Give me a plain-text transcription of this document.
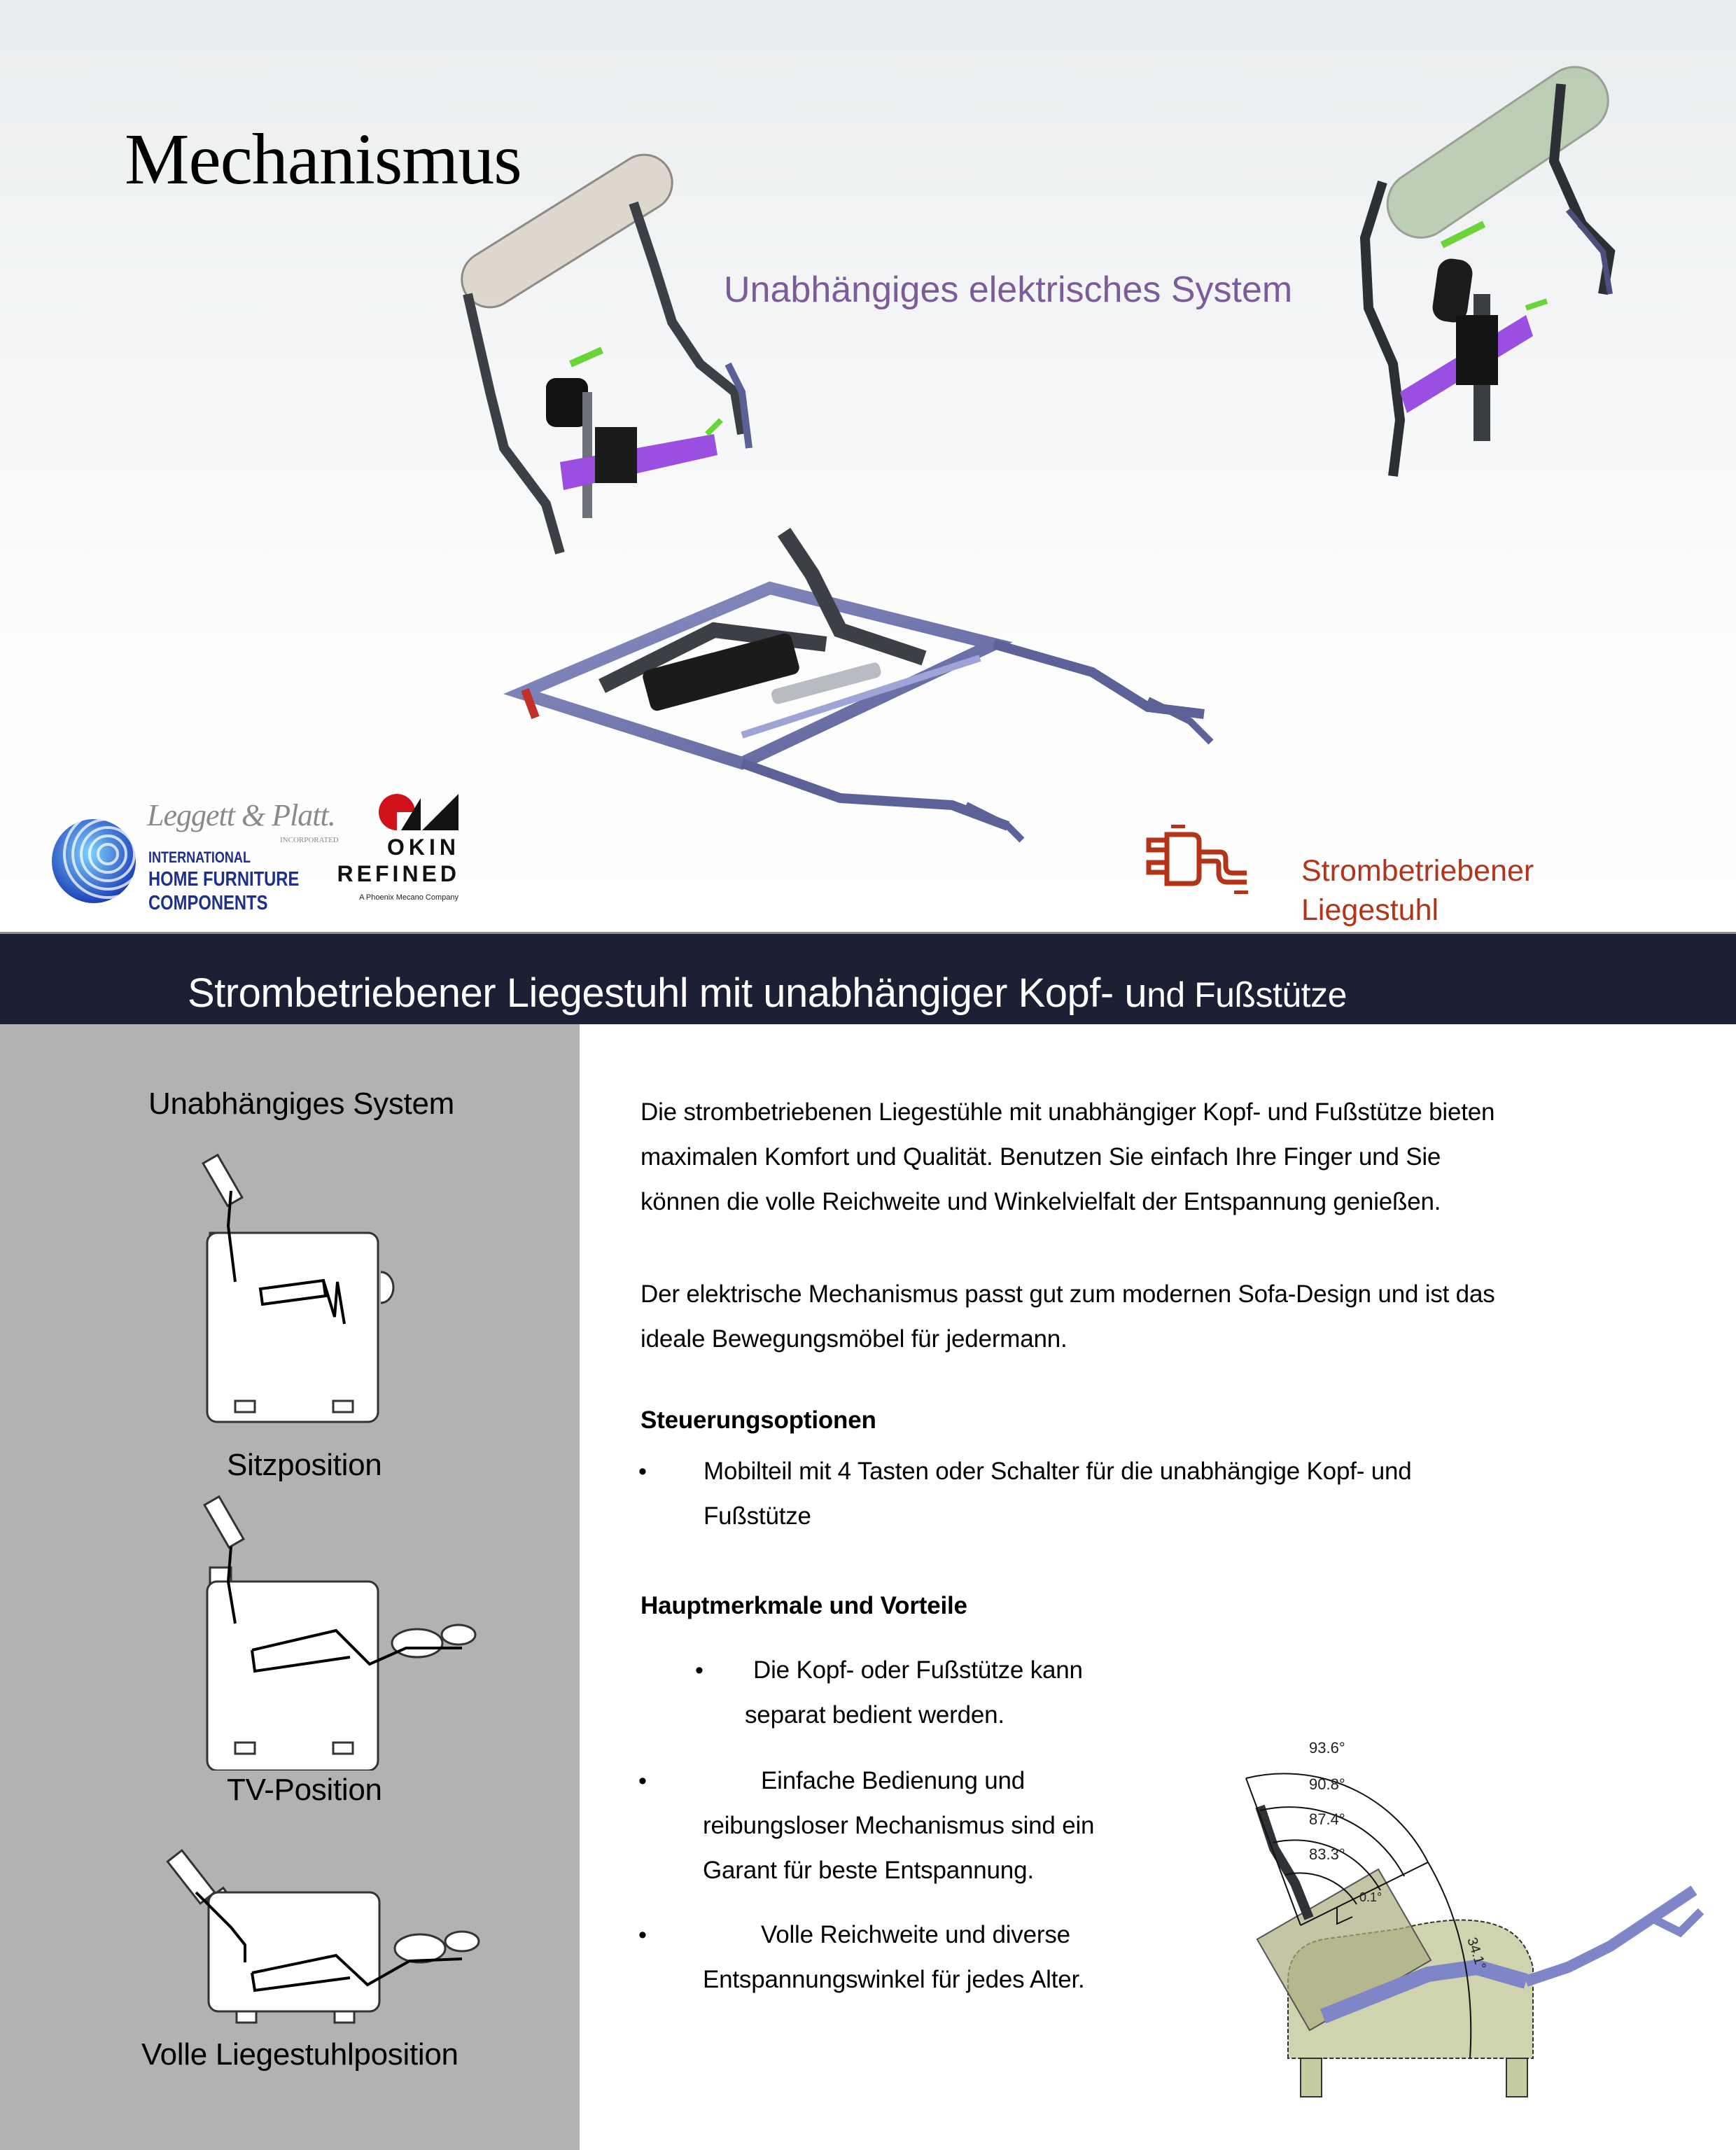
Mechanismus
Unabhängiges elektrisches System
Leggett & Platt.
INCORPORATED
INTERNATIONAL
HOME FURNITURE
COMPONENTS
OKIN
REFINED
A Phoenix Mecano Company
Strombetriebener
Liegestuhl
Strombetriebener Liegestuhl mit unabhängiger Kopf- und Fußstütze
Unabhängiges System
Sitzposition
TV-Position
Volle Liegestuhlposition

Die strombetriebenen Liegestühle mit unabhängiger Kopf- und Fußstütze bieten

maximalen Komfort und Qualität. Benutzen Sie einfach Ihre Finger und Sie

können die volle Reichweite und Winkelvielfalt der Entspannung genießen.

Der elektrische Mechanismus passt gut zum modernen Sofa-Design und ist das

ideale Bewegungsmöbel für jedermann.

Steuerungsoptionen
• Mobilteil mit 4 Tasten oder Schalter für die unabhängige Kopf- und

Fußstütze

Hauptmerkmale und Vorteile
• Die Kopf- oder Fußstütze kann

separat bedient werden.

•	Einfache Bedienung und

reibungsloser Mechanismus sind ein

Garant für beste Entspannung.

•	Volle Reichweite und diverse

Entspannungswinkel für jedes Alter.

93.6°
90.8°
87.4°
83.3°
0.1°
34.1°
